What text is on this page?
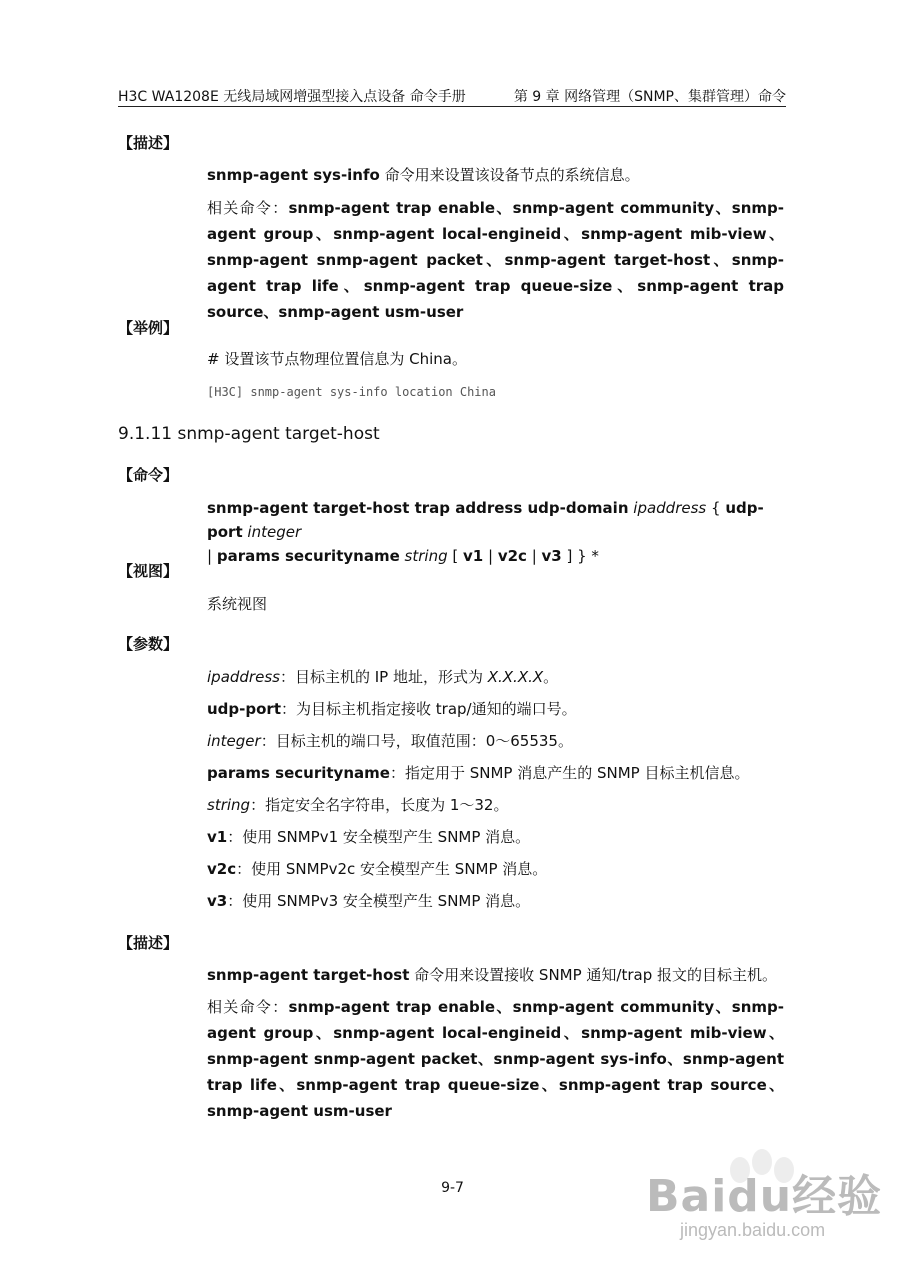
H3C WA1208E 无线局域网增强型接入点设备 命令手册	第 9 章 网络管理（SNMP、集群管理）命令
【描述】
snmp-agent sys-info 命令用来设置该设备节点的系统信息。
相关命令：snmp-agent trap enable、snmp-agent community、snmp-agent group、snmp-agent local-engineid、snmp-agent mib-view、snmp-agent snmp-agent packet、snmp-agent target-host、snmp-agent trap life、snmp-agent trap queue-size、snmp-agent trap source、snmp-agent usm-user
【举例】
# 设置该节点物理位置信息为 China。
[H3C] snmp-agent sys-info location China
9.1.11 snmp-agent target-host
【命令】
snmp-agent target-host trap address udp-domain ipaddress { udp-port integer
| params securityname string [ v1 | v2c | v3 ] } *
【视图】
系统视图
【参数】
ipaddress：目标主机的 IP 地址，形式为 X.X.X.X。
udp-port：为目标主机指定接收 trap/通知的端口号。
integer：目标主机的端口号，取值范围：0～65535。
params securityname：指定用于 SNMP 消息产生的 SNMP 目标主机信息。
string：指定安全名字符串，长度为 1～32。
v1：使用 SNMPv1 安全模型产生 SNMP 消息。
v2c：使用 SNMPv2c 安全模型产生 SNMP 消息。
v3：使用 SNMPv3 安全模型产生 SNMP 消息。
【描述】
snmp-agent target-host 命令用来设置接收 SNMP 通知/trap 报文的目标主机。
相关命令：snmp-agent trap enable、snmp-agent community、snmp-agent group、snmp-agent local-engineid、snmp-agent mib-view、snmp-agent snmp-agent packet、snmp-agent sys-info、snmp-agent trap life、snmp-agent trap queue-size、snmp-agent trap source、snmp-agent usm-user
9-7	Baidu经验
jingyan.baidu.com
